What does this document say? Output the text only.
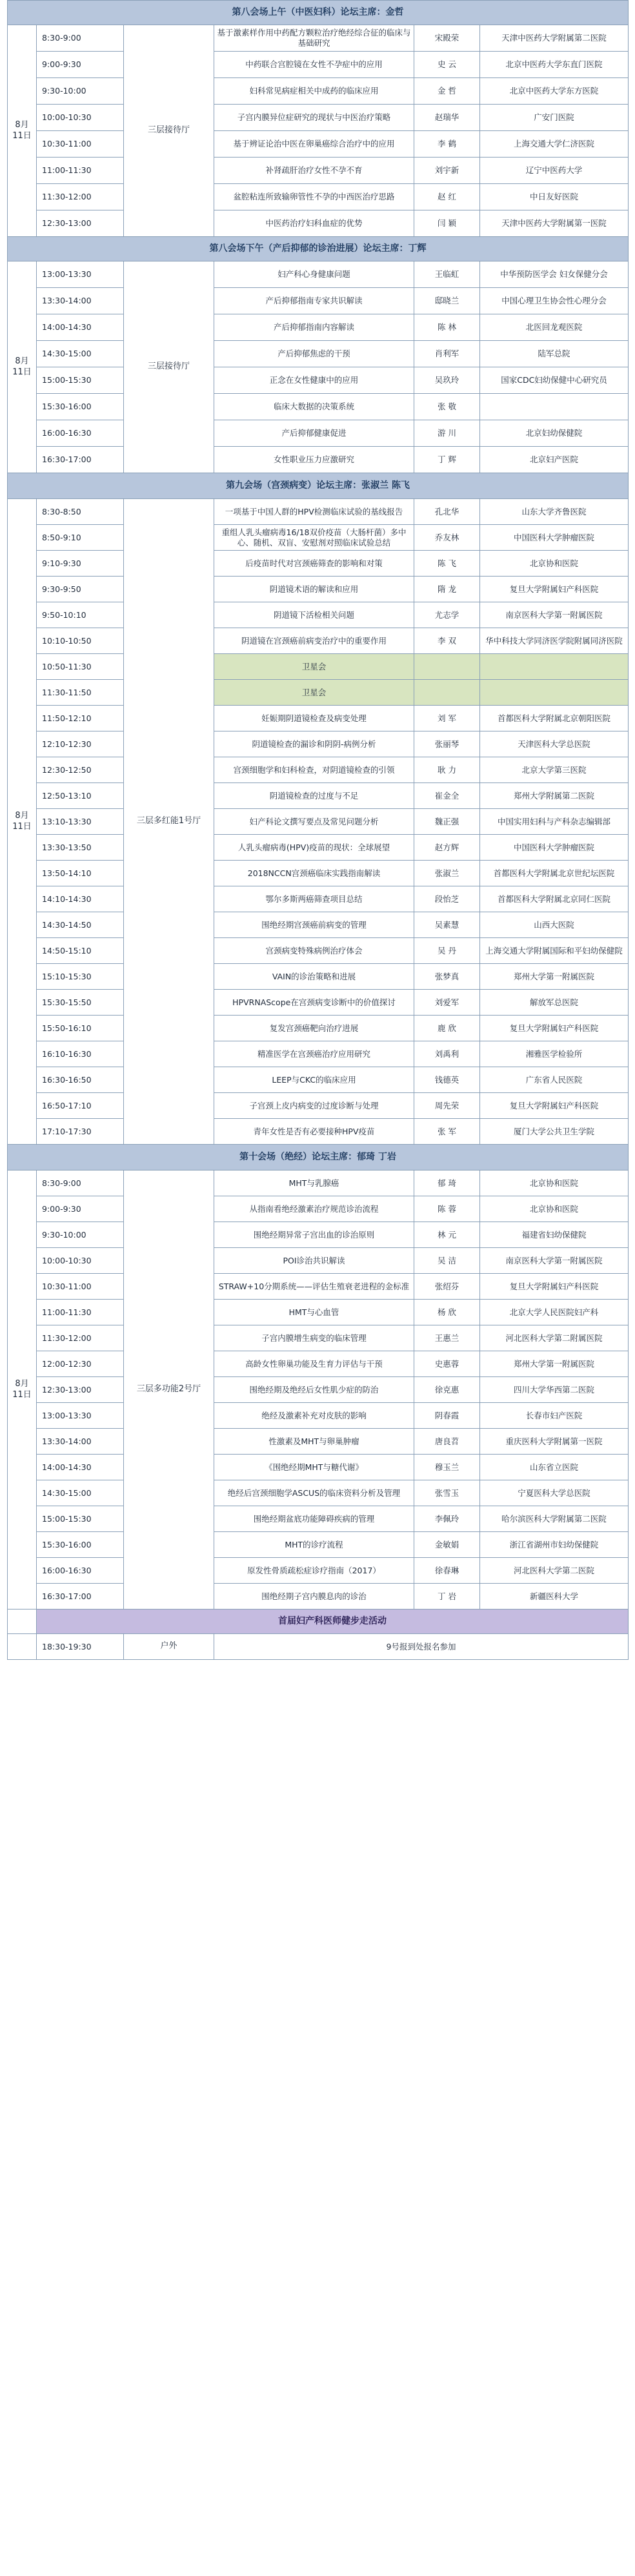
第八会场上午（中医妇科）论坛主席：金哲					
8月11日	8:30-9:00	三层接待厅	基于激素样作用中药配方颗粒治疗绝经综合征的临床与基础研究	宋殿荣	天津中医药大学附属第二医院
	9:00-9:30		中药联合宫腔镜在女性不孕症中的应用	史 云	北京中医药大学东直门医院
	9:30-10:00		妇科常见病症相关中成药的临床应用	金 哲	北京中医药大学东方医院
	10:00-10:30		子宫内膜异位症研究的现状与中医治疗策略	赵瑞华	广安门医院
	10:30-11:00		基于辨证论治中医在卵巢癌综合治疗中的应用	李 鹤	上海交通大学仁济医院
	11:00-11:30		补肾疏肝治疗女性不孕不育	刘宇新	辽宁中医药大学
	11:30-12:00		盆腔粘连所致输卵管性不孕的中西医治疗思路	赵 红	中日友好医院
	12:30-13:00		中医药治疗妇科血症的优势	闫 颖	天津中医药大学附属第一医院
第八会场下午（产后抑郁的诊治进展）论坛主席：丁辉					
8月11日	13:00-13:30	三层接待厅	妇产科心身健康问题	王临虹	中华预防医学会 妇女保健分会
	13:30-14:00		产后抑郁指南专家共识解读	邸晓兰	中国心理卫生协会性心理分会
	14:00-14:30		产后抑郁指南内容解读	陈 林	北医回龙观医院
	14:30-15:00		产后抑郁焦虑的干预	肖利军	陆军总院
	15:00-15:30		正念在女性健康中的应用	吴玖玲	国家CDC妇幼保健中心研究员
	15:30-16:00		临床大数据的决策系统	张 敬	
	16:00-16:30		产后抑郁健康促进	游 川	北京妇幼保健院
	16:30-17:00		女性职业压力应激研究	丁 辉	北京妇产医院
第九会场（宫颈病变）论坛主席：张淑兰 陈飞					
8月11日	8:30-8:50	三层多红能1号厅	一项基于中国人群的HPV检测临床试验的基线报告	孔北华	山东大学齐鲁医院
	8:50-9:10		重组人乳头瘤病毒16/18双价疫苗（大肠杆菌）多中心、随机、双盲、安慰剂对照临床试验总结	乔友林	中国医科大学肿瘤医院
	9:10-9:30		后疫苗时代对宫颈癌筛查的影响和对策	陈 飞	北京协和医院
	9:30-9:50		阴道镜术语的解读和应用	隋 龙	复旦大学附属妇产科医院
	9:50-10:10		阴道镜下活检相关问题	尤志学	南京医科大学第一附属医院
	10:10-10:50		阴道镜在宫颈癌前病变治疗中的重要作用	李 双	华中科技大学同济医学院附属同济医院
	10:50-11:30		卫星会		
	11:30-11:50		卫星会		
	11:50-12:10		妊娠期阴道镜检查及病变处理	刘 军	首都医科大学附属北京朝阳医院
	12:10-12:30		阴道镜检查的漏诊和阴阴-病例分析	张丽琴	天津医科大学总医院
	12:30-12:50		宫颈细胞学和妇科检查，对阴道镜检查的引领	耿 力	北京大学第三医院
	12:50-13:10		阴道镜检查的过度与不足	崔金全	郑州大学附属第二医院
	13:10-13:30		妇产科论文撰写要点及常见问题分析	魏正强	中国实用妇科与产科杂志编辑部
	13:30-13:50		人乳头瘤病毒(HPV)疫苗的现状：全球展望	赵方辉	中国医科大学肿瘤医院
	13:50-14:10		2018NCCN宫颈癌临床实践指南解读	张淑兰	首都医科大学附属北京世纪坛医院
	14:10-14:30		鄂尔多斯两癌筛查项目总结	段怡芝	首都医科大学附属北京同仁医院
	14:30-14:50		围绝经期宫颈癌前病变的管理	吴素慧	山西大医院
	14:50-15:10		宫颈病变特殊病例治疗体会	吴 丹	上海交通大学附属国际和平妇幼保健院
	15:10-15:30		VAIN的诊治策略和进展	张梦真	郑州大学第一附属医院
	15:30-15:50		HPVRNAScope在宫颈病变诊断中的价值探讨	刘爱军	解放军总医院
	15:50-16:10		复发宫颈癌靶向治疗进展	鹿 欣	复旦大学附属妇产科医院
	16:10-16:30		精准医学在宫颈癌治疗应用研究	刘禹利	湘雅医学检验所
	16:30-16:50		LEEP与CKC的临床应用	钱德英	广东省人民医院
	16:50-17:10		子宫颈上皮内病变的过度诊断与处理	周先荣	复旦大学附属妇产科医院
	17:10-17:30		青年女性是否有必要接种HPV疫苗	张 军	厦门大学公共卫生学院
第十会场（绝经）论坛主席：郁琦 丁岩					
8月11日	8:30-9:00	三层多功能2号厅	MHT与乳腺癌	郁 琦	北京协和医院
	9:00-9:30		从指南看绝经激素治疗规范诊治流程	陈 蓉	北京协和医院
	9:30-10:00		围绝经期异常子宫出血的诊治原则	林 元	福建省妇幼保健院
	10:00-10:30		POI诊治共识解读	吴 洁	南京医科大学第一附属医院
	10:30-11:00		STRAW+10分期系统——评估生殖衰老进程的金标准	张绍芬	复旦大学附属妇产科医院
	11:00-11:30		HMT与心血管	杨 欣	北京大学人民医院妇产科
	11:30-12:00		子宫内膜增生病变的临床管理	王惠兰	河北医科大学第二附属医院
	12:00-12:30		高龄女性卵巢功能及生育力评估与干预	史惠蓉	郑州大学第一附属医院
	12:30-13:00		围绝经期及绝经后女性肌少症的防治	徐克惠	四川大学华西第二医院
	13:00-13:30		绝经及激素补充对皮肤的影响	阴春霞	长春市妇产医院
	13:30-14:00		性激素及MHT与卵巢肿瘤	唐良苕	重庆医科大学附属第一医院
	14:00-14:30		《围绝经期MHT与糖代谢》	穆玉兰	山东省立医院
	14:30-15:00		绝经后宫颈细胞学ASCUS的临床资料分析及管理	张雪玉	宁夏医科大学总医院
	15:00-15:30		围绝经期盆底功能障碍疾病的管理	李佩玲	哈尔滨医科大学附属第二医院
	15:30-16:00		MHT的诊疗流程	金敏娟	浙江省湖州市妇幼保健院
	16:00-16:30		原发性骨质疏松症诊疗指南（2017）	徐春琳	河北医科大学第二医院
	16:30-17:00		围绝经期子宫内膜息肉的诊治	丁 岩	新疆医科大学
	首届妇产科医师健步走活动				
	18:30-19:30	户外	9号报到处报名参加		
